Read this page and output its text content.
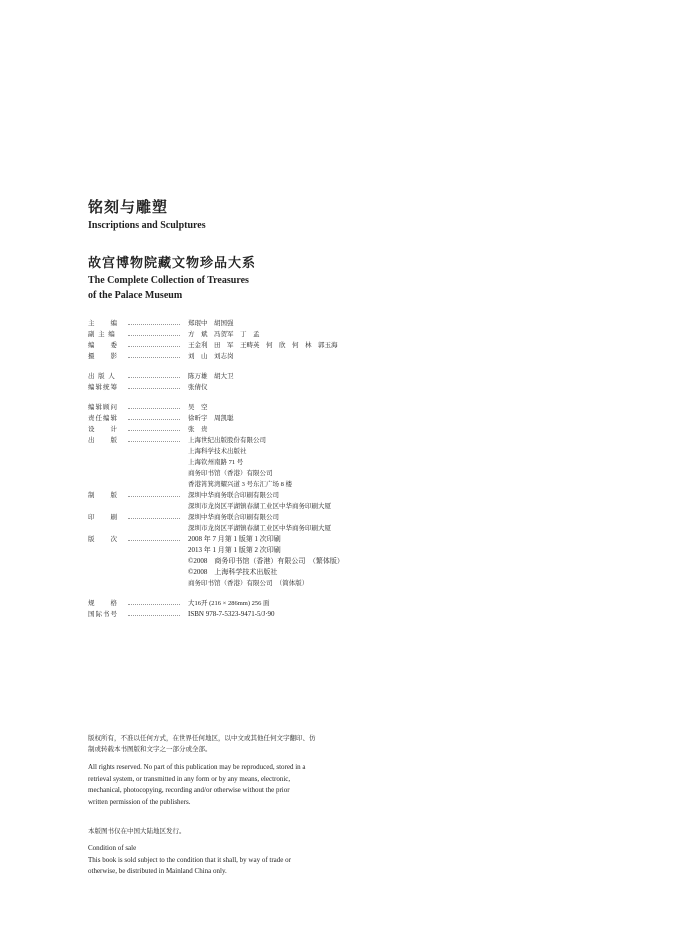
铭刻与雕塑
Inscriptions and Sculptures
故宫博物院藏文物珍品大系
The Complete Collection of Treasures
of the Palace Museum
主　　编	郑珉中　胡国强
副 主 编	方　斌　冯贺军　丁　孟
编　　委	王金利　田　军　王畴英　何　欣　何　林　郭玉海
摄　　影	刘　山　刘志岗
出 版 人	陈万雄　胡大卫
编辑统筹	张倩仪
编辑顾问	吴　空
责任编辑	徐昕宇　周凯聪
设　　计	张　贵
出　　版	上海世纪出版股份有限公司
上海科学技术出版社
上海钦州南路 71 号
商务印书馆（香港）有限公司
香港筲箕湾耀兴道 3 号东汇广场 8 楼
制　　版	深圳中华商务联合印刷有限公司
深圳市龙岗区平湖镇春湖工业区中华商务印刷大厦
印　　刷	深圳中华商务联合印刷有限公司
深圳市龙岗区平湖镇春湖工业区中华商务印刷大厦
版　　次	2008 年 7 月第 1 版第 1 次印刷
2013 年 1 月第 1 版第 2 次印刷
©2008　商务印书馆（香港）有限公司　（繁体版）
©2008　上海科学技术出版社
商务印书馆（香港）有限公司　（简体版）
规　　格	大16开 (216 × 286mm) 256 面
国际书号	ISBN 978-7-5323-9471-5/J·90
版权所有，不准以任何方式，在世界任何地区，以中文或其他任何文字翻印、仿
制或转载本书图版和文字之一部分或全部。
All rights reserved. No part of this publication may be reproduced, stored in a
retrieval system, or transmitted in any form or by any means, electronic,
mechanical, photocopying, recording and/or otherwise without the prior
written permission of the publishers.
本版图书仅在中国大陆地区发行。
Condition of sale
This book is sold subject to the condition that it shall, by way of trade or
otherwise, be distributed in Mainland China only.
